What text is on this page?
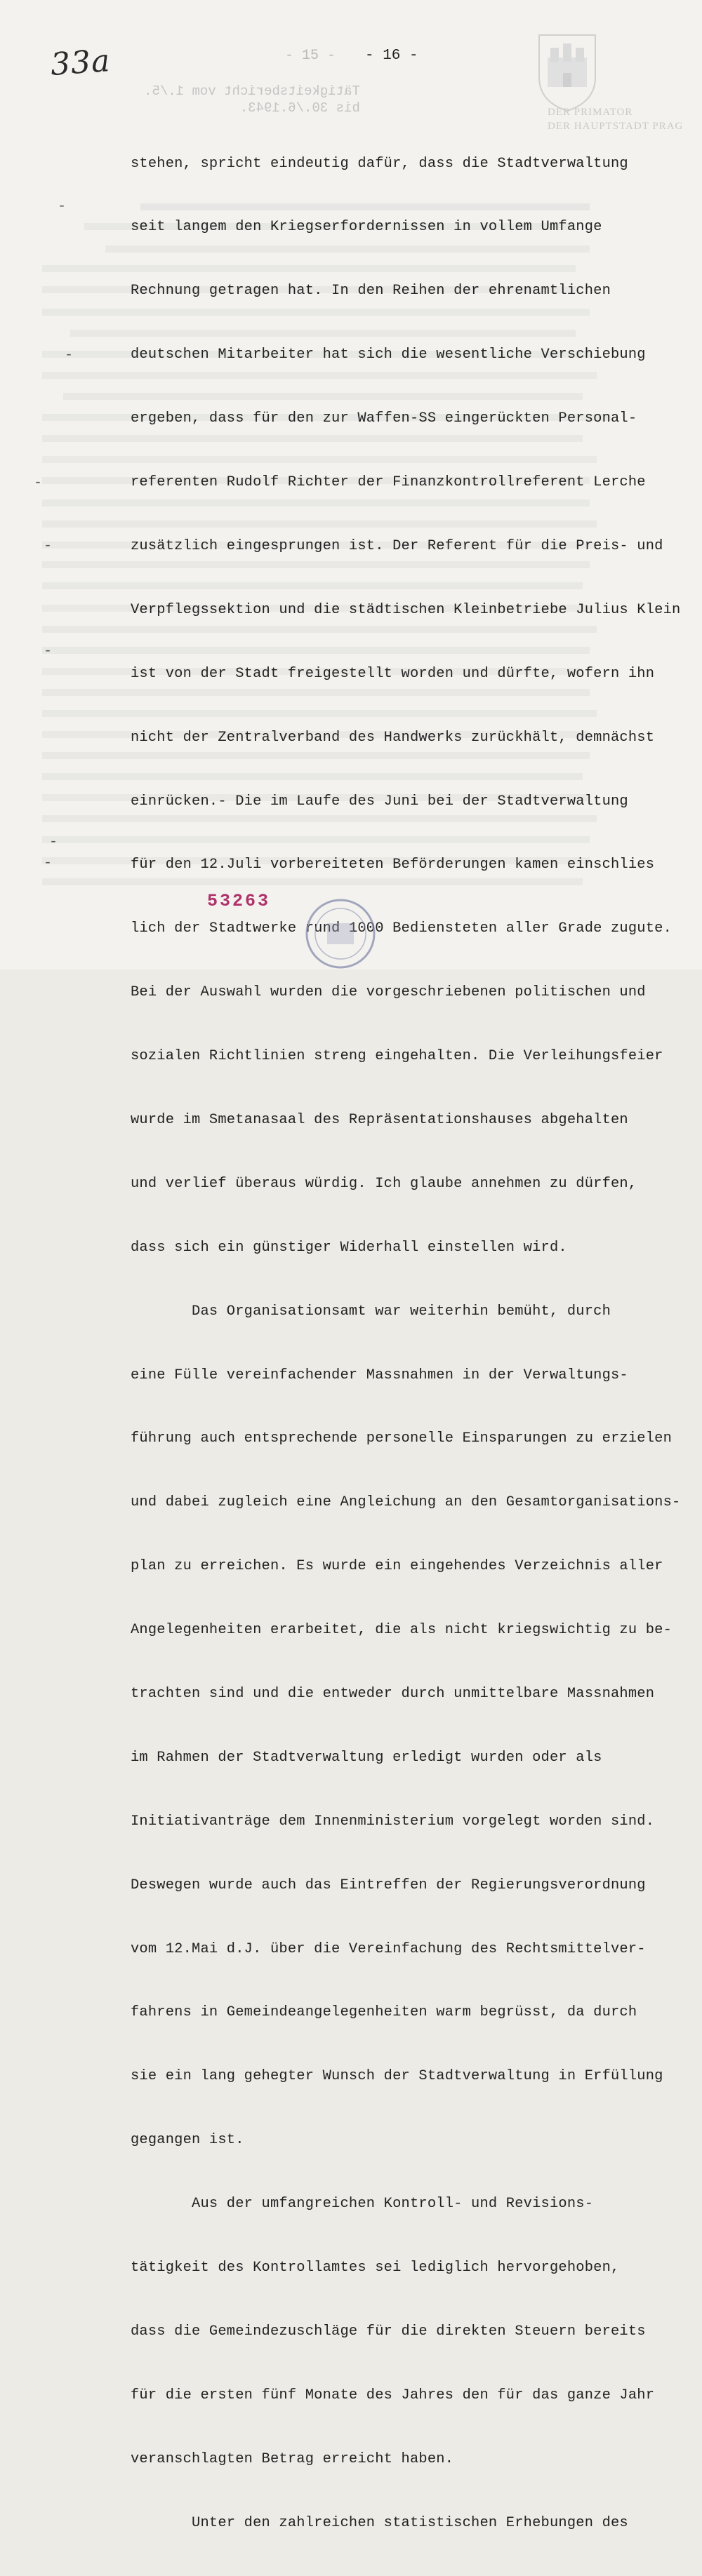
33a	- 15 - - 16 -
Tätigkeitsbericht vom 1./5.
bis 30./6.1943.	DER PRIMATOR
DER HAUPTSTADT PRAG

stehen, spricht eindeutig dafür, dass die Stadtverwaltung

seit langem den Kriegserfordernissen in vollem Umfange

Rechnung getragen hat. In den Reihen der ehrenamtlichen

deutschen Mitarbeiter hat sich die wesentliche Verschiebung

ergeben, dass für den zur Waffen-SS eingerückten Personal-

referenten Rudolf Richter der Finanzkontrollreferent Lerche

zusätzlich eingesprungen ist. Der Referent für die Preis- und

Verpflegssektion und die städtischen Kleinbetriebe Julius Klein

ist von der Stadt freigestellt worden und dürfte, wofern ihn

nicht der Zentralverband des Handwerks zurückhält, demnächst

einrücken.- Die im Laufe des Juni bei der Stadtverwaltung

für den 12.Juli vorbereiteten Beförderungen kamen einschlies

lich der Stadtwerke rund 1000 Bediensteten aller Grade zugute.

Bei der Auswahl wurden die vorgeschriebenen politischen und

sozialen Richtlinien streng eingehalten. Die Verleihungsfeier

wurde im Smetanasaal des Repräsentationshauses abgehalten

und verlief überaus würdig. Ich glaube annehmen zu dürfen,

dass sich ein günstiger Widerhall einstellen wird.

Das Organisationsamt war weiterhin bemüht, durch

eine Fülle vereinfachender Massnahmen in der Verwaltungs-

führung auch entsprechende personelle Einsparungen zu erzielen

und dabei zugleich eine Angleichung an den Gesamtorganisations-

plan zu erreichen. Es wurde ein eingehendes Verzeichnis aller

Angelegenheiten erarbeitet, die als nicht kriegswichtig zu be-

trachten sind und die entweder durch unmittelbare Massnahmen

im Rahmen der Stadtverwaltung erledigt wurden oder als

Initiativanträge dem Innenministerium vorgelegt worden sind.

Deswegen wurde auch das Eintreffen der Regierungsverordnung

vom 12.Mai d.J. über die Vereinfachung des Rechtsmittelver-

fahrens in Gemeindeangelegenheiten warm begrüsst, da durch

sie ein lang gehegter Wunsch der Stadtverwaltung in Erfüllung

gegangen ist.

Aus der umfangreichen Kontroll- und Revisions-

tätigkeit des Kontrollamtes sei lediglich hervorgehoben,

dass die Gemeindezuschläge für die direkten Steuern bereits

für die ersten fünf Monate des Jahres den für das ganze Jahr

veranschlagten Betrag erreicht haben.

Unter den zahlreichen statistischen Erhebungen des

-
-
-
-
-
-
-
53263
